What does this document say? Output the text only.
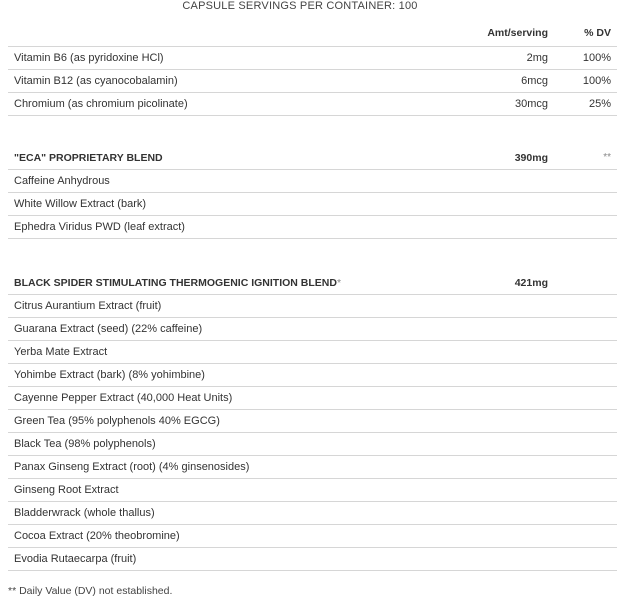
CAPSULE SERVINGS PER CONTAINER: 100
	Amt/serving	% DV
Vitamin B6 (as pyridoxine HCl)	2mg	100%
Vitamin B12 (as cyanocobalamin)	6mcg	100%
Chromium (as chromium picolinate)	30mcg	25%
"ECA" PROPRIETARY BLEND	390mg	**
Caffeine Anhydrous		
White Willow Extract (bark)		
Ephedra Viridus PWD (leaf extract)		
BLACK SPIDER STIMULATING THERMOGENIC IGNITION BLEND*	421mg	
Citrus Aurantium Extract (fruit)		
Guarana Extract (seed) (22% caffeine)		
Yerba Mate Extract		
Yohimbe Extract (bark) (8% yohimbine)		
Cayenne Pepper Extract (40,000 Heat Units)		
Green Tea (95% polyphenols 40% EGCG)		
Black Tea (98% polyphenols)		
Panax Ginseng Extract (root) (4% ginsenosides)		
Ginseng Root Extract		
Bladderwrack (whole thallus)		
Cocoa Extract (20% theobromine)		
Evodia Rutaecarpa (fruit)		
** Daily Value (DV) not established.
